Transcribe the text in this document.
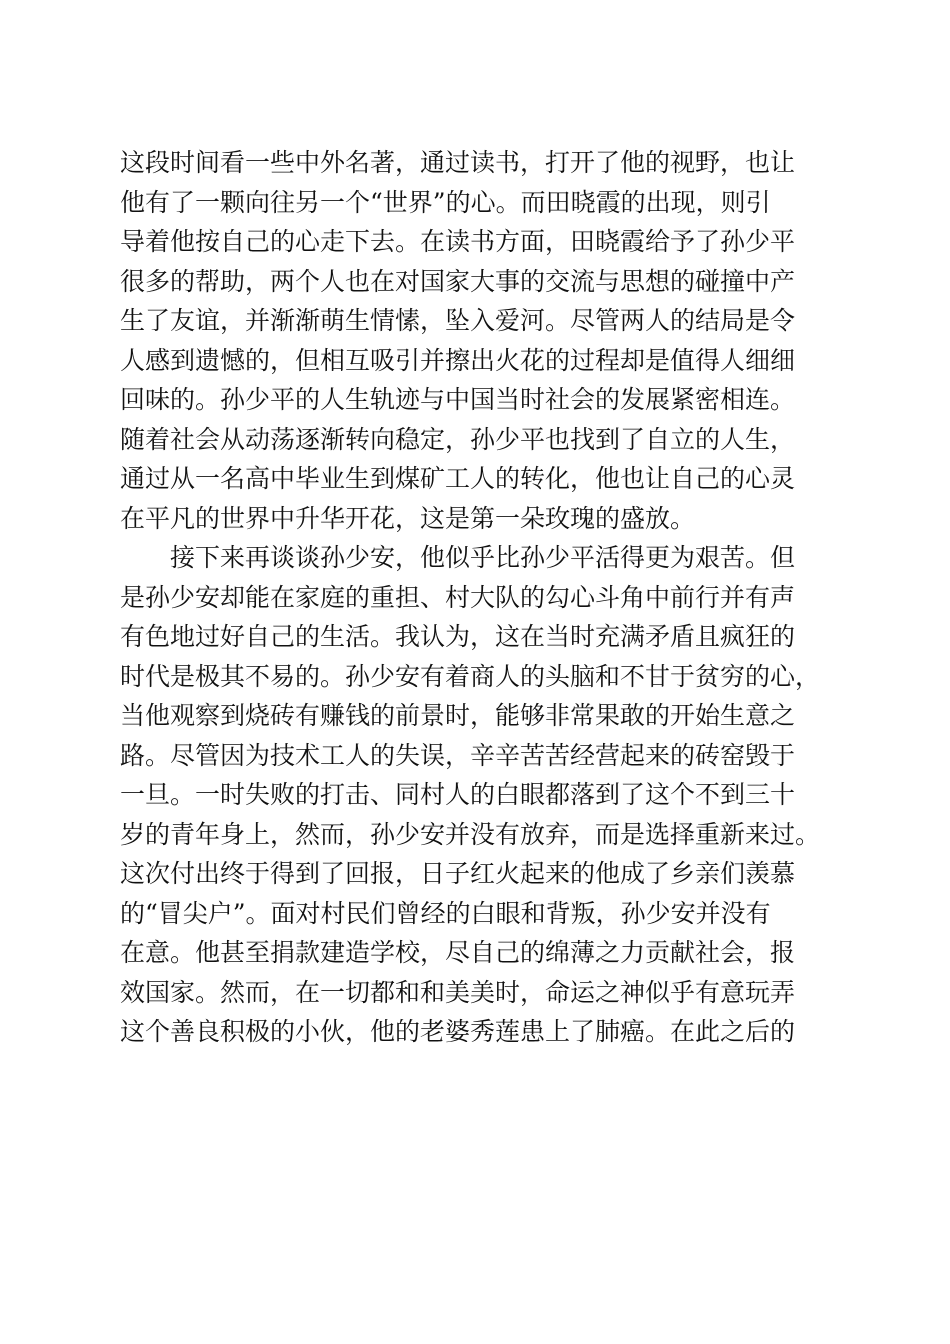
这段时间看一些中外名著，通过读书，打开了他的视野，也让
他有了一颗向往另一个“世界”的心。而田晓霞的出现，则引
导着他按自己的心走下去。在读书方面，田晓霞给予了孙少平
很多的帮助，两个人也在对国家大事的交流与思想的碰撞中产
生了友谊，并渐渐萌生情愫，坠入爱河。尽管两人的结局是令
人感到遗憾的，但相互吸引并擦出火花的过程却是值得人细细
回味的。孙少平的人生轨迹与中国当时社会的发展紧密相连。
随着社会从动荡逐渐转向稳定，孙少平也找到了自立的人生，
通过从一名高中毕业生到煤矿工人的转化，他也让自己的心灵
在平凡的世界中升华开花，这是第一朵玫瑰的盛放。
接下来再谈谈孙少安，他似乎比孙少平活得更为艰苦。但
是孙少安却能在家庭的重担、村大队的勾心斗角中前行并有声
有色地过好自己的生活。我认为，这在当时充满矛盾且疯狂的
时代是极其不易的。孙少安有着商人的头脑和不甘于贫穷的心，
当他观察到烧砖有赚钱的前景时，能够非常果敢的开始生意之
路。尽管因为技术工人的失误，辛辛苦苦经营起来的砖窑毁于
一旦。一时失败的打击、同村人的白眼都落到了这个不到三十
岁的青年身上，然而，孙少安并没有放弃，而是选择重新来过。
这次付出终于得到了回报，日子红火起来的他成了乡亲们羡慕
的“冒尖户”。面对村民们曾经的白眼和背叛，孙少安并没有
在意。他甚至捐款建造学校，尽自己的绵薄之力贡献社会，报
效国家。然而，在一切都和和美美时，命运之神似乎有意玩弄
这个善良积极的小伙，他的老婆秀莲患上了肺癌。在此之后的
